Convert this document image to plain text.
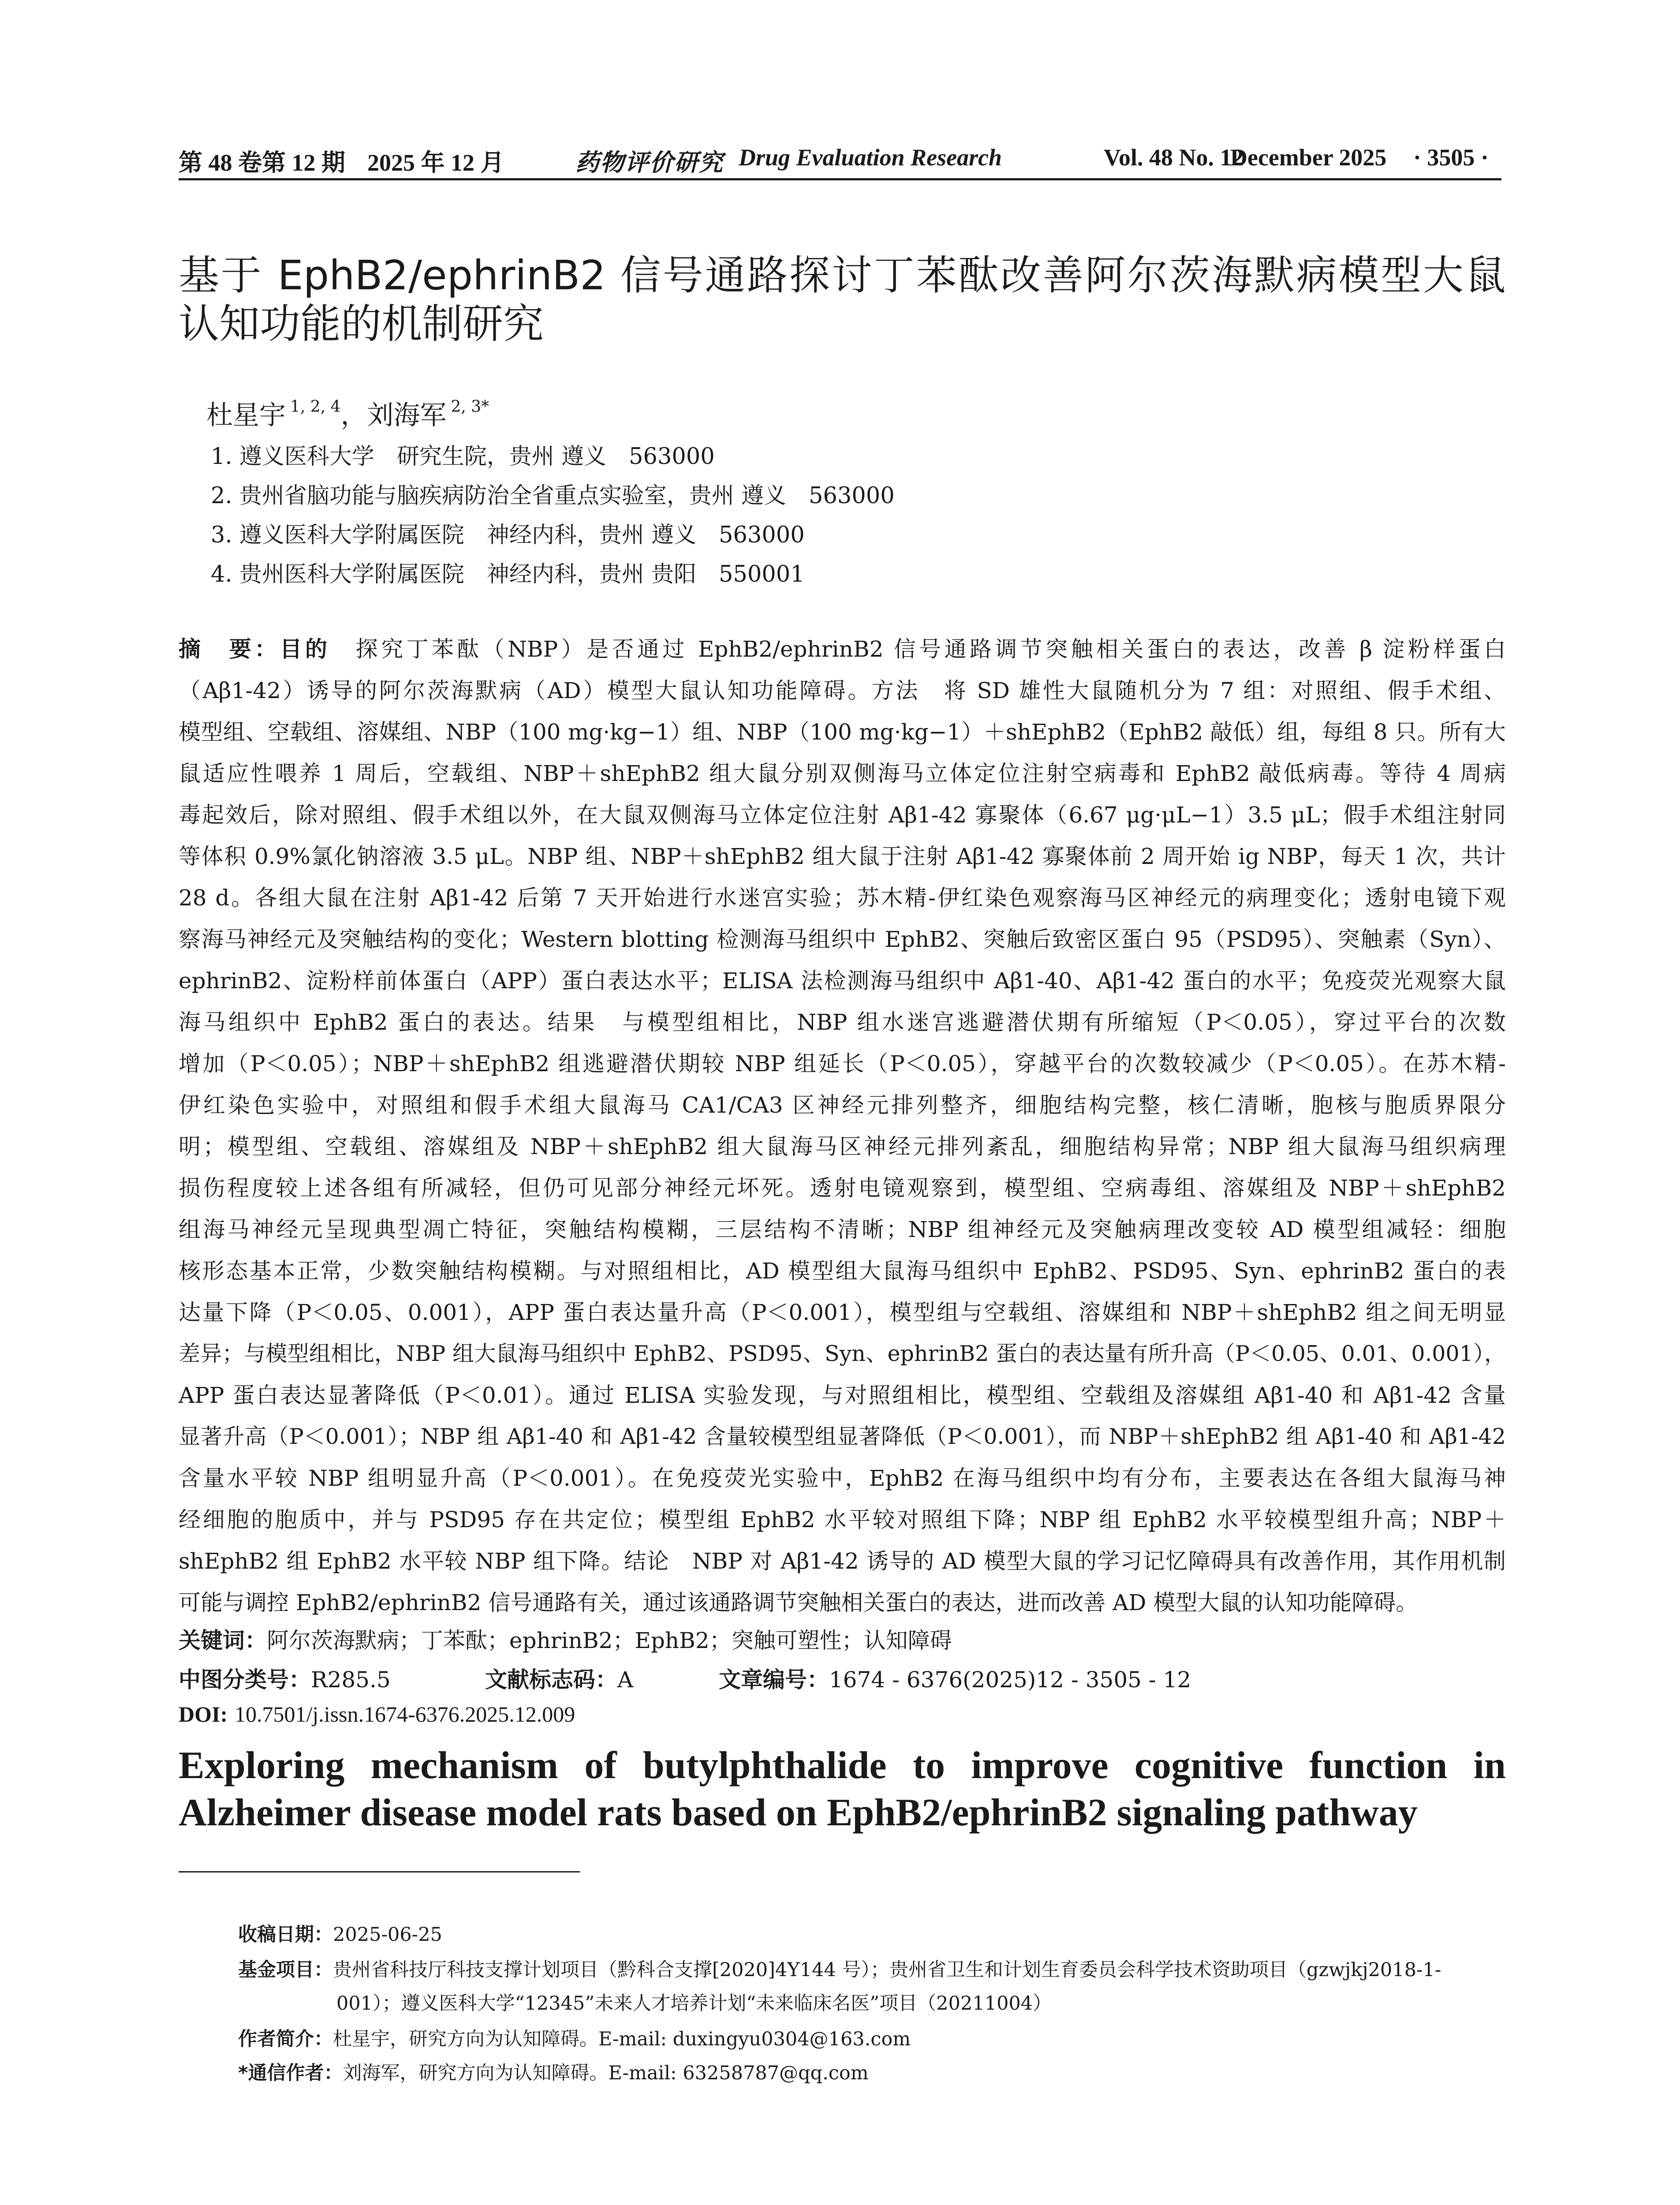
第 48 卷第 12 期 2025 年 12 月	药物评价研究 Drug Evaluation Research	Vol. 48 No. 12
December 2025 · 3505 ·
基于 EphB2/ephrinB2 信号通路探讨丁苯酞改善阿尔茨海默病模型大鼠
认知功能的机制研究
杜星宇 $^{1, 2, 4}$，刘海军 $^{2, 3*}$
1. 遵义医科大学　研究生院，贵州 遵义　563000
2. 贵州省脑功能与脑疾病防治全省重点实验室，贵州 遵义　563000
3. 遵义医科大学附属医院　神经内科，贵州 遵义　563000
4. 贵州医科大学附属医院　神经内科，贵州 贵阳　550001
摘　要：目的　探究丁苯酞（NBP）是否通过 EphB2/ephrinB2 信号通路调节突触相关蛋白的表达，改善 β 淀粉样蛋白
（Aβ1-42）诱导的阿尔茨海默病（AD）模型大鼠认知功能障碍。方法　将 SD 雄性大鼠随机分为 7 组：对照组、假手术组、
模型组、空载组、溶媒组、NBP（100 mg·kg−1）组、NBP（100 mg·kg−1）＋shEphB2（EphB2 敲低）组，每组 8 只。所有大
鼠适应性喂养 1 周后，空载组、NBP＋shEphB2 组大鼠分别双侧海马立体定位注射空病毒和 EphB2 敲低病毒。等待 4 周病
毒起效后，除对照组、假手术组以外，在大鼠双侧海马立体定位注射 Aβ1-42 寡聚体（6.67 μg·μL−1）3.5 μL；假手术组注射同
等体积 0.9%氯化钠溶液 3.5 μL。NBP 组、NBP＋shEphB2 组大鼠于注射 Aβ1-42 寡聚体前 2 周开始 ig NBP，每天 1 次，共计
28 d。各组大鼠在注射 Aβ1-42 后第 7 天开始进行水迷宫实验；苏木精-伊红染色观察海马区神经元的病理变化；透射电镜下观
察海马神经元及突触结构的变化；Western blotting 检测海马组织中 EphB2、突触后致密区蛋白 95（PSD95）、突触素（Syn）、
ephrinB2、淀粉样前体蛋白（APP）蛋白表达水平；ELISA 法检测海马组织中 Aβ1-40、Aβ1-42 蛋白的水平；免疫荧光观察大鼠
海马组织中 EphB2 蛋白的表达。结果　与模型组相比，NBP 组水迷宫逃避潜伏期有所缩短（P＜0.05），穿过平台的次数
增加（P＜0.05）；NBP＋shEphB2 组逃避潜伏期较 NBP 组延长（P＜0.05），穿越平台的次数较减少（P＜0.05）。在苏木精-
伊红染色实验中，对照组和假手术组大鼠海马 CA1/CA3 区神经元排列整齐，细胞结构完整，核仁清晰，胞核与胞质界限分
明；模型组、空载组、溶媒组及 NBP＋shEphB2 组大鼠海马区神经元排列紊乱，细胞结构异常；NBP 组大鼠海马组织病理
损伤程度较上述各组有所减轻，但仍可见部分神经元坏死。透射电镜观察到，模型组、空病毒组、溶媒组及 NBP＋shEphB2
组海马神经元呈现典型凋亡特征，突触结构模糊，三层结构不清晰；NBP 组神经元及突触病理改变较 AD 模型组减轻：细胞
核形态基本正常，少数突触结构模糊。与对照组相比，AD 模型组大鼠海马组织中 EphB2、PSD95、Syn、ephrinB2 蛋白的表
达量下降（P＜0.05、0.001），APP 蛋白表达量升高（P＜0.001），模型组与空载组、溶媒组和 NBP＋shEphB2 组之间无明显
差异；与模型组相比，NBP 组大鼠海马组织中 EphB2、PSD95、Syn、ephrinB2 蛋白的表达量有所升高（P＜0.05、0.01、0.001），
APP 蛋白表达显著降低（P＜0.01）。通过 ELISA 实验发现，与对照组相比，模型组、空载组及溶媒组 Aβ1-40 和 Aβ1-42 含量
显著升高（P＜0.001）；NBP 组 Aβ1-40 和 Aβ1-42 含量较模型组显著降低（P＜0.001），而 NBP＋shEphB2 组 Aβ1-40 和 Aβ1-42
含量水平较 NBP 组明显升高（P＜0.001）。在免疫荧光实验中，EphB2 在海马组织中均有分布，主要表达在各组大鼠海马神
经细胞的胞质中，并与 PSD95 存在共定位；模型组 EphB2 水平较对照组下降；NBP 组 EphB2 水平较模型组升高；NBP＋
shEphB2 组 EphB2 水平较 NBP 组下降。结论　NBP 对 Aβ1-42 诱导的 AD 模型大鼠的学习记忆障碍具有改善作用，其作用机制
可能与调控 EphB2/ephrinB2 信号通路有关，通过该通路调节突触相关蛋白的表达，进而改善 AD 模型大鼠的认知功能障碍。
关键词：阿尔茨海默病；丁苯酞；ephrinB2；EphB2；突触可塑性；认知障碍
中图分类号：R285.5	文献标志码：A	文章编号：1674 - 6376(2025)12 - 3505 - 12
DOI: 10.7501/j.issn.1674-6376.2025.12.009
Exploring mechanism of butylphthalide to improve cognitive function in
Alzheimer disease model rats based on EphB2/ephrinB2 signaling pathway
收稿日期：2025-06-25
基金项目：贵州省科技厅科技支撑计划项目（黔科合支撑[2020]4Y144 号）；贵州省卫生和计划生育委员会科学技术资助项目（gzwjkj2018-1-
001）；遵义医科大学“12345”未来人才培养计划“未来临床名医”项目（20211004）
作者简介：杜星宇，研究方向为认知障碍。E-mail: duxingyu0304@163.com
*通信作者：刘海军，研究方向为认知障碍。E-mail: 63258787@qq.com
